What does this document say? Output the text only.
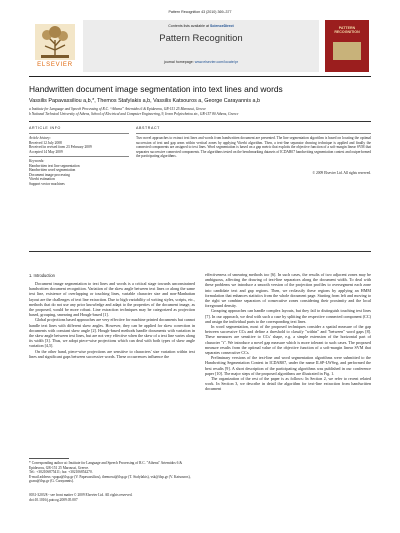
Pattern Recognition 43 (2010) 369–377
ELSEVIER
Contents lists available at ScienceDirect
Pattern Recognition
journal homepage: www.elsevier.com/locate/pr
PATTERN RECOGNITION
Handwritten document image segmentation into text lines and words
Vassilis Papavassiliou a,b,*, Themos Stafylakis a,b, Vassilis Katsouros a, George Carayannis a,b
a Institute for Language and Speech Processing of R.C. “Athena” Artemidos 6 & Epidavrou, GR-151 25 Maroussi, Greece
b National Technical University of Athens, School of Electrical and Computer Engineering, 9, Iroon Polytechniou str., GR-157 80 Athens, Greece
ARTICLE INFO
Article history:
Received 12 July 2008
Received in revised form 23 February 2009
Accepted 14 May 2009
Keywords:
Handwritten text line segmentation
Handwritten word segmentation
Document image processing
Viterbi estimation
Support vector machines
ABSTRACT
Two novel approaches to extract text lines and words from handwritten document are presented. The line segmentation algorithm is based on locating the optimal succession of text and gap areas within vertical zones by applying Viterbi algorithm. Then, a text-line separator drawing technique is applied and finally the connected components are assigned to text lines. Word segmentation is based on a gap metric that exploits the objective function of a soft-margin linear SVM that separates successive connected components. The algorithms tested on the benchmarking datasets of ICDAR07 handwriting segmentation contest and outperformed the participating algorithms.
© 2009 Elsevier Ltd. All rights reserved.
1. Introduction

Document image segmentation to text lines and words is a critical stage towards unconstrained handwritten document recognition. Variation of the skew angle between text lines or along the same text line, existence of overlapping or touching lines, variable character size and non-Manhattan layout are the challenges of text line extraction. Due to high variability of writing styles, scripts, etc., methods that do not use any prior knowledge and adapt to the properties of the document image, as the proposed, would be more robust. Line extraction techniques may be categorized as projection based, grouping, smearing and Hough-based [1].

Global projections based approaches are very effective for machine printed documents but cannot handle text lines with different skew angles. However, they can be applied for skew correction in documents with constant skew angle [2]. Hough-based methods handle documents with variation in the skew angle between text lines, but are not very effective when the skew of a text line varies along its width [3]. Thus, we adopt piece-wise projections which can deal with both types of skew angle variation [4,5].

On the other hand, piece-wise projections are sensitive to characters' size variation within text lines and significant gaps between successive words. These occurrences influence the

* Corresponding author at: Institute for Language and Speech Processing of R.C. "Athena" Artemidos 6 & Epidavrou, GR-151 25 Maroussi, Greece.

Tel.: +302106875411; fax: +302106854270.

E-mail address: vpapa@ilsp.gr (V. Papavassiliou), themosst@ilsp.gr (T. Stafylakis), vsk@ilsp.gr (V. Katsouros), gcara@ilsp.gr (G. Carayannis).

0031-3203/$ - see front matter © 2009 Elsevier Ltd. All rights reserved.
doi:10.1016/j.patcog.2009.05.007

effectiveness of smearing methods too [6]. In such cases, the results of two adjacent zones may be ambiguous, affecting the drawing of text-line separators along the document width. To deal with these problems we introduce a smooth version of the projection profiles to oversegment each zone into candidate text and gap regions. Then, we reclassify these regions by applying an HMM formulation that enhances statistics from the whole document page. Starting from left and moving to the right we combine separators of consecutive zones considering their proximity and the local foreground density.

Grouping approaches can handle complex layouts, but they fail to distinguish touching text lines [7]. In our approach, we deal with such a case by splitting the respective connected component (CC) and assign the individual parts to the corresponding text lines.

In word segmentation, most of the proposed techniques consider a spatial measure of the gap between successive CCs and define a threshold to classify "within" and "between" word gaps [8]. These measures are sensitive to CCs' shape, e.g. a simple extension of the horizontal part of character "t". We introduce a novel gap measure which is more tolerant to such cases. The proposed measure results from the optimal value of the objective function of a soft-margin linear SVM that separates consecutive CCs.

Preliminary versions of the text-line and word segmentation algorithms were submitted to the Handwriting Segmentation Contest in ICDAR07, under the name ILSP-LWSeg, and performed the best results [9]. A short description of the participating algorithms was published in our conference paper [10]. The major steps of the proposed algorithms are illustrated in Fig. 1.

The organization of the rest of the paper is as follows: In Section 2, we refer to recent related work. In Section 3, we describe in detail the algorithm for text-line extraction from handwritten document
